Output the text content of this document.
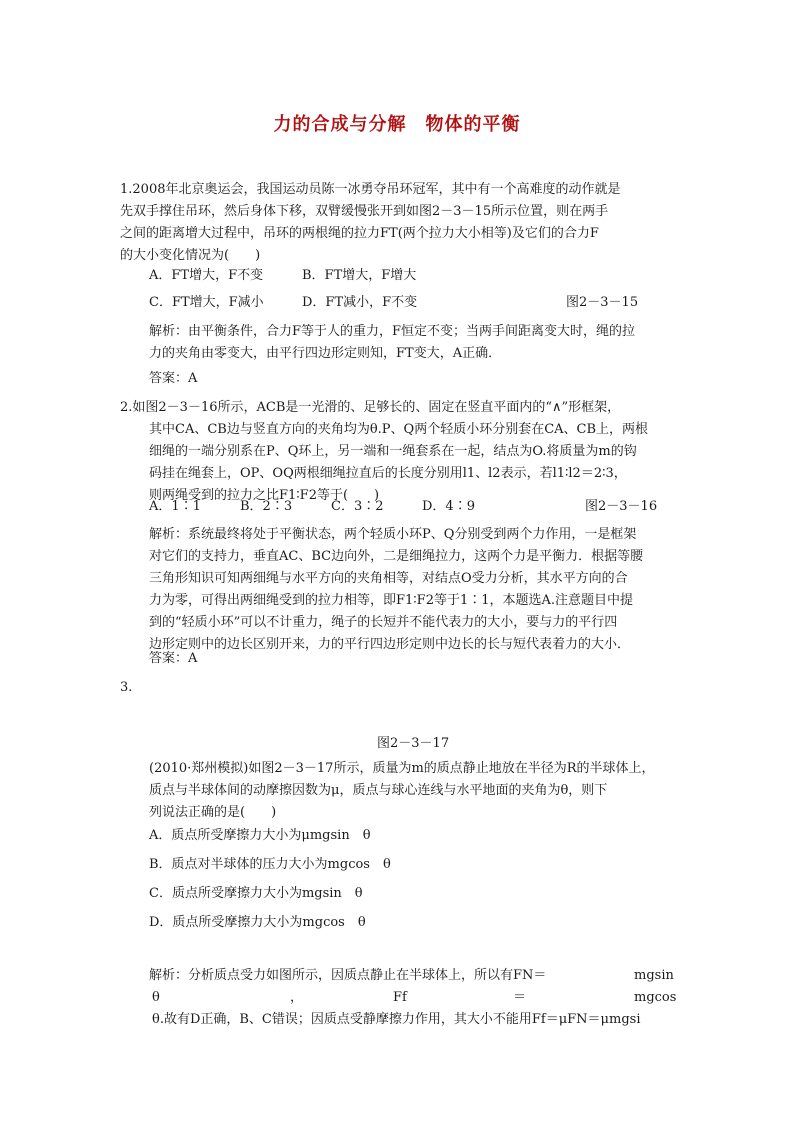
力的合成与分解　物体的平衡
1.2008年北京奥运会，我国运动员陈一冰勇夺吊环冠军，其中有一个高难度的动作就是
先双手撑住吊环，然后身体下移，双臂缓慢张开到如图2－3－15所示位置，则在两手
之间的距离增大过程中，吊环的两根绳的拉力FT(两个拉力大小相等)及它们的合力F
的大小变化情况为(　　)
A．FT增大，F不变	B．FT增大，F增大
C．FT增大，F减小	D．FT减小，F不变	图2－3－15
解析：由平衡条件，合力F等于人的重力，F恒定不变；当两手间距离变大时，绳的拉
力的夹角由零变大，由平行四边形定则知，FT变大，A正确．
答案：A
2.如图2－3－16所示，ACB是一光滑的、足够长的、固定在竖直平面内的“∧”形框架，
其中CA、CB边与竖直方向的夹角均为θ.P、Q两个轻质小环分别套在CA、CB上，两根
细绳的一端分别系在P、Q环上，另一端和一绳套系在一起，结点为O.将质量为m的钩
码挂在绳套上，OP、OQ两根细绳拉直后的长度分别用l1、l2表示，若l1∶l2＝2∶3，
则两绳受到的拉力之比F1∶F2等于(　　)
A．1∶1	B．2∶3	C．3∶2	D．4∶9	图2－3－16
解析：系统最终将处于平衡状态，两个轻质小环P、Q分别受到两个力作用，一是框架
对它们的支持力，垂直AC、BC边向外，二是细绳拉力，这两个力是平衡力．根据等腰
三角形知识可知两细绳与水平方向的夹角相等，对结点O受力分析，其水平方向的合
力为零，可得出两细绳受到的拉力相等，即F1∶F2等于1∶1，本题选A.注意题目中提
到的“轻质小环”可以不计重力，绳子的长短并不能代表力的大小，要与力的平行四
边形定则中的边长区别开来，力的平行四边形定则中边长的长与短代表着力的大小．
答案：A
3.
图2－3－17
(2010·郑州模拟)如图2－3－17所示，质量为m的质点静止地放在半径为R的半球体上，
质点与半球体间的动摩擦因数为μ，质点与球心连线与水平地面的夹角为θ，则下
列说法正确的是(　　)
A．质点所受摩擦力大小为μmgsin　θ
B．质点对半球体的压力大小为mgcos　θ
C．质点所受摩擦力大小为mgsin　θ
D．质点所受摩擦力大小为mgcos　θ
解析：分析质点受力如图所示，因质点静止在半球体上，所以有FN＝	mgsin
θ	，	Ff	＝	mgcos
θ.故有D正确，B、C错误；因质点受静摩擦力作用，其大小不能用Ff＝μFN＝μmgsi
